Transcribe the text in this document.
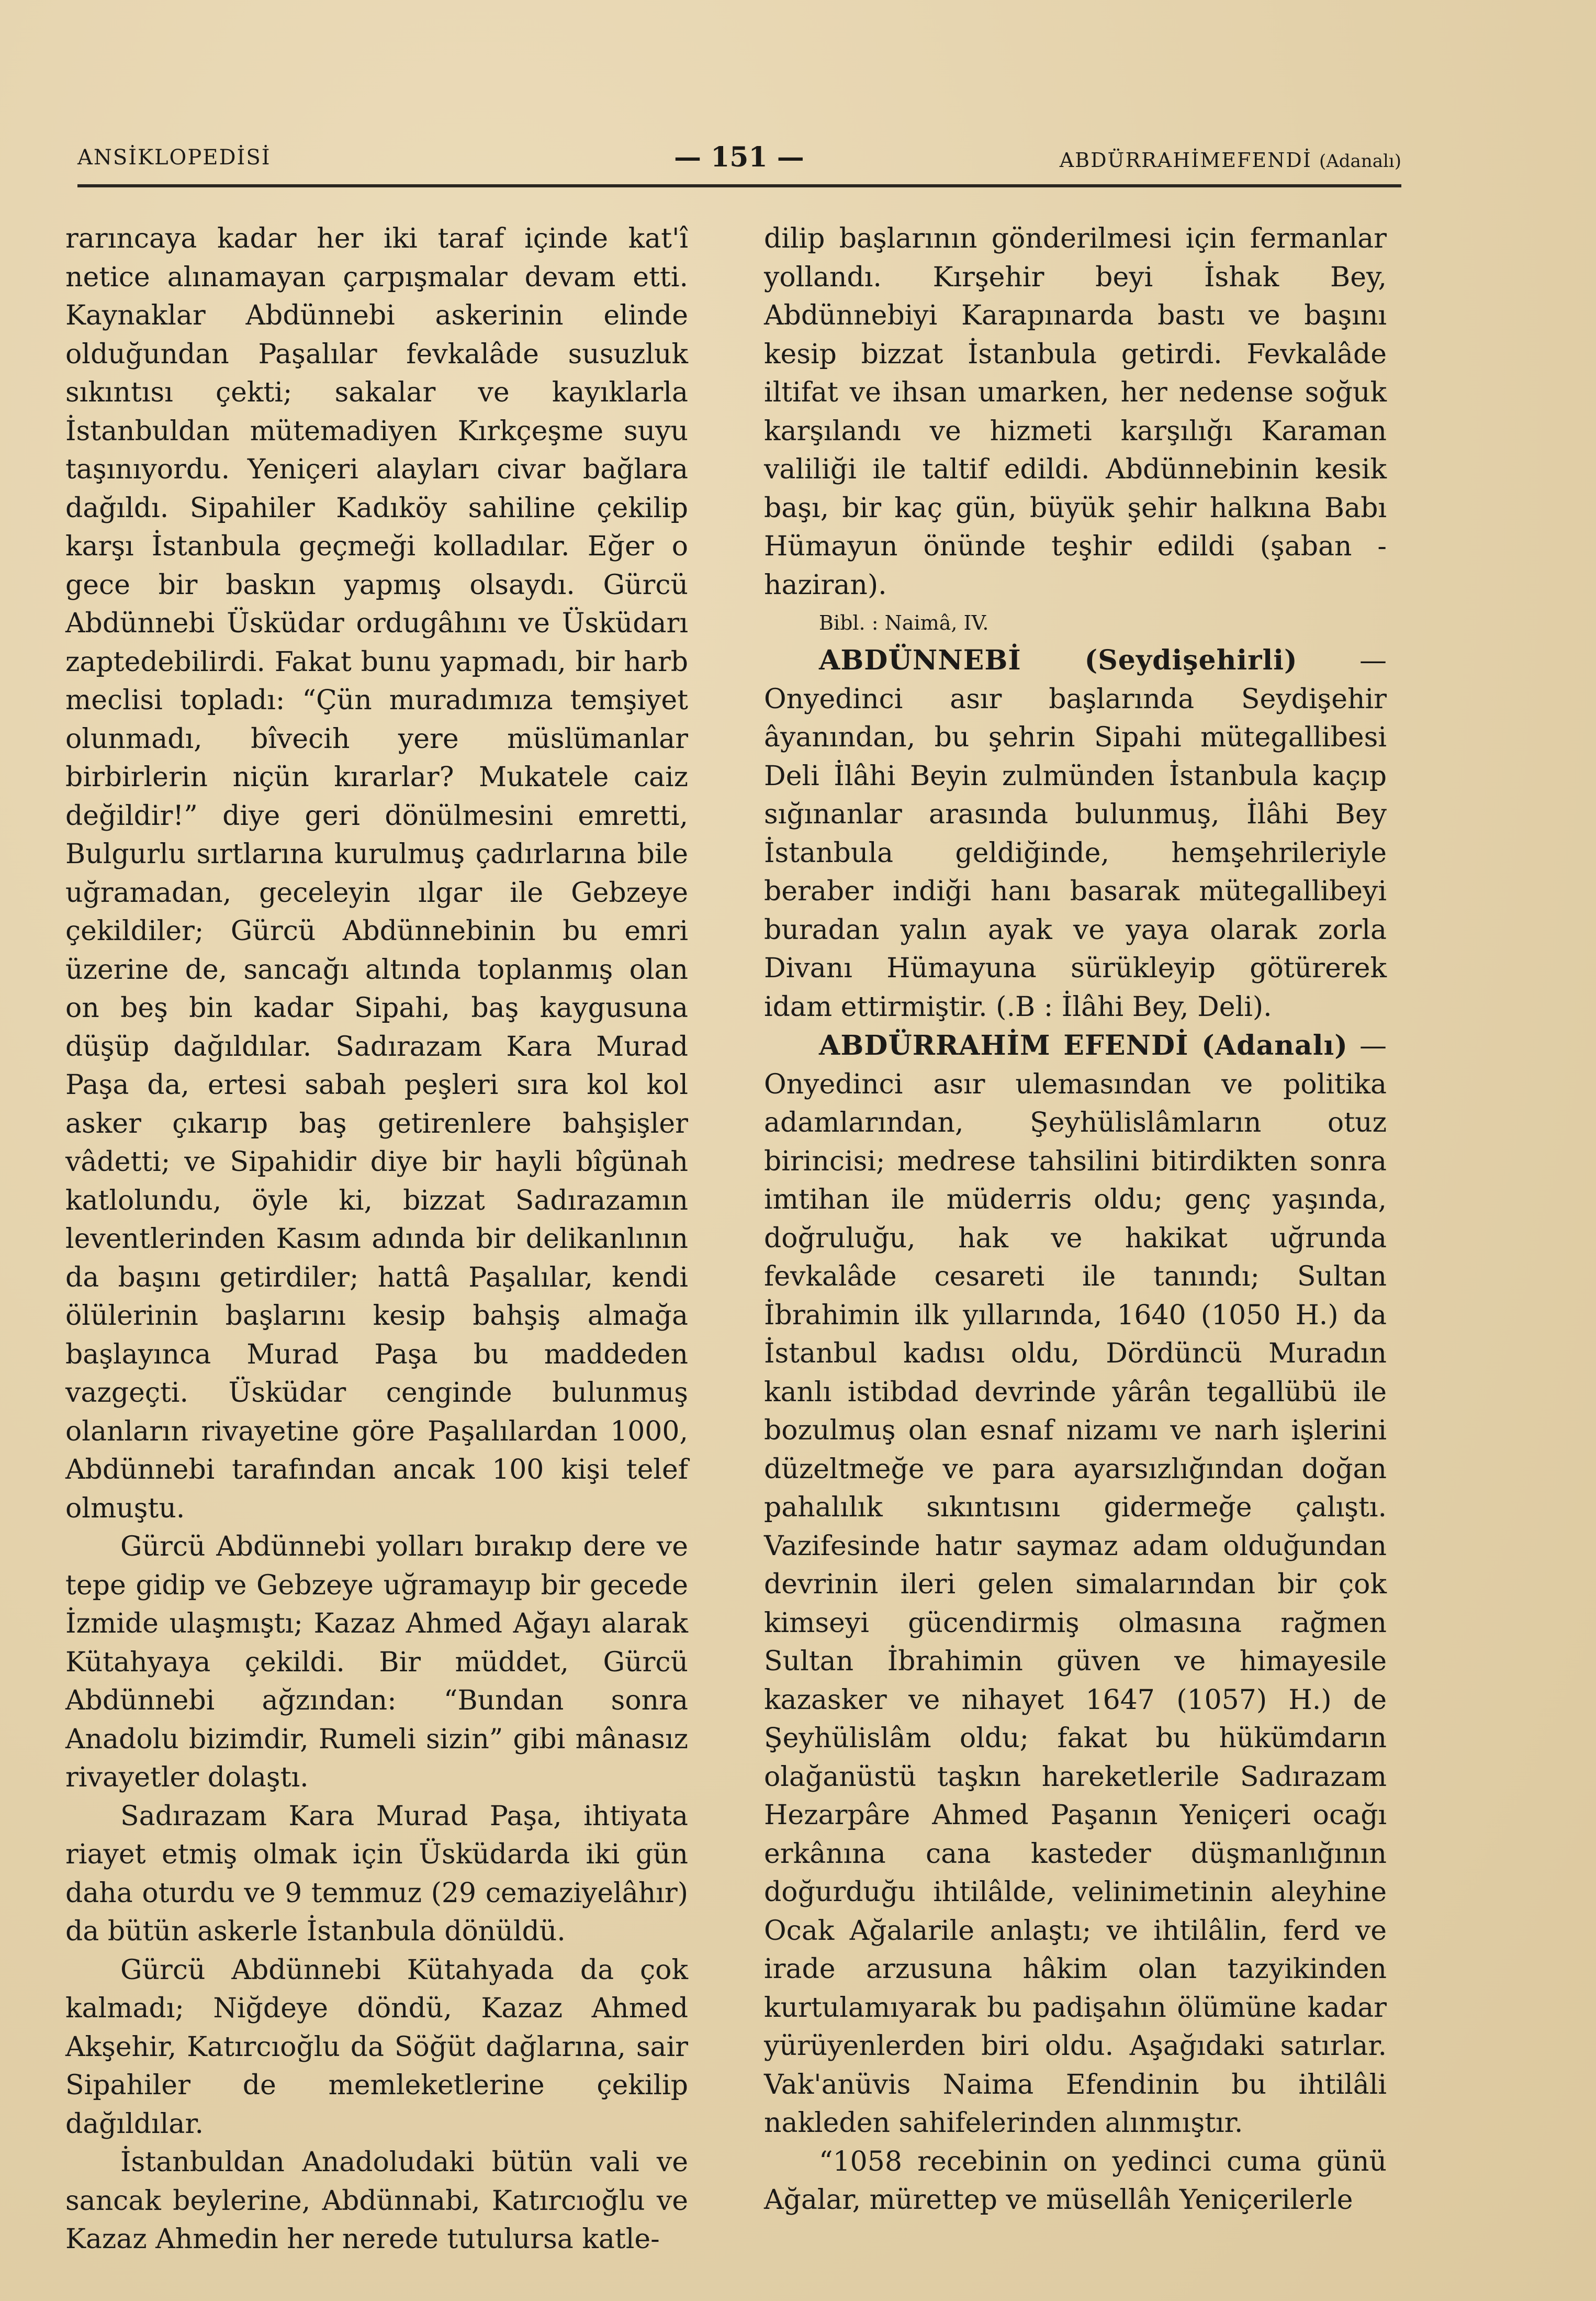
ANSİKLOPEDİSİ	— 151 —	ABDÜRRAHİMEFENDİ (Adanalı)

rarıncaya kadar her iki taraf içinde kat'î netice alınamayan çarpışmalar devam etti. Kaynaklar Abdünnebi askerinin elinde olduğundan Paşalılar fevkalâde susuzluk sıkıntısı çekti; sakalar ve kayıklarla İstanbuldan mütemadiyen Kırkçeşme suyu taşınıyordu. Yeniçeri alayları civar bağlara dağıldı. Sipahiler Kadıköy sahiline çekilip karşı İstanbula geçmeği kolladılar. Eğer o gece bir baskın yapmış olsaydı. Gürcü Abdünnebi Üsküdar ordugâhını ve Üsküdarı zaptedebilirdi. Fakat bunu yapmadı, bir harb meclisi topladı: “Çün muradımıza temşiyet olunmadı, bîvecih yere müslümanlar birbirlerin niçün kırarlar? Mukatele caiz değildir!” diye geri dönülmesini emretti, Bulgurlu sırtlarına kurulmuş çadırlarına bile uğramadan, geceleyin ılgar ile Gebzeye çekildiler; Gürcü Abdünnebinin bu emri üzerine de, sancağı altında toplanmış olan on beş bin kadar Sipahi, baş kaygusuna düşüp dağıldılar. Sadırazam Kara Murad Paşa da, ertesi sabah peşleri sıra kol kol asker çıkarıp baş getirenlere bahşişler vâdetti; ve Sipahidir diye bir hayli bîgünah katlolundu, öyle ki, bizzat Sadırazamın leventlerinden Kasım adında bir delikanlının da başını getirdiler; hattâ Paşalılar, kendi ölülerinin başlarını kesip bahşiş almağa başlayınca Murad Paşa bu maddeden vazgeçti. Üsküdar cenginde bulunmuş olanların rivayetine göre Paşalılardan 1000, Abdünnebi tarafından ancak 100 kişi telef olmuştu.

Gürcü Abdünnebi yolları bırakıp dere ve tepe gidip ve Gebzeye uğramayıp bir gecede İzmide ulaşmıştı; Kazaz Ahmed Ağayı alarak Kütahyaya çekildi. Bir müddet, Gürcü Abdünnebi ağzından: “Bundan sonra Anadolu bizimdir, Rumeli sizin” gibi mânasız rivayetler dolaştı.

Sadırazam Kara Murad Paşa, ihtiyata riayet etmiş olmak için Üsküdarda iki gün daha oturdu ve 9 temmuz (29 cemaziyelâhır) da bütün askerle İstanbula dönüldü.

Gürcü Abdünnebi Kütahyada da çok kalmadı; Niğdeye döndü, Kazaz Ahmed Akşehir, Katırcıoğlu da Söğüt dağlarına, sair Sipahiler de memleketlerine çekilip dağıldılar.

İstanbuldan Anadoludaki bütün vali ve sancak beylerine, Abdünnabi, Katırcıoğlu ve Kazaz Ahmedin her nerede tutulursa katle-

dilip başlarının gönderilmesi için fermanlar yollandı. Kırşehir beyi İshak Bey, Abdünnebiyi Karapınarda bastı ve başını kesip bizzat İstanbula getirdi. Fevkalâde iltifat ve ihsan umarken, her nedense soğuk karşılandı ve hizmeti karşılığı Karaman valiliği ile taltif edildi. Abdünnebinin kesik başı, bir kaç gün, büyük şehir halkına Babı Hümayun önünde teşhir edildi (şaban - haziran).

Bibl. : Naimâ, IV.

ABDÜNNEBİ (Seydişehirli) — Onyedinci asır başlarında Seydişehir âyanından, bu şehrin Sipahi mütegallibesi Deli İlâhi Beyin zulmünden İstanbula kaçıp sığınanlar arasında bulunmuş, İlâhi Bey İstanbula geldiğinde, hemşehrileriyle beraber indiği hanı basarak mütegallibeyi buradan yalın ayak ve yaya olarak zorla Divanı Hümayuna sürükleyip götürerek idam ettirmiştir. (.B : İlâhi Bey, Deli).

ABDÜRRAHİM EFENDİ (Adanalı) — Onyedinci asır ulemasından ve politika adamlarından, Şeyhülislâmların otuz birincisi; medrese tahsilini bitirdikten sonra imtihan ile müderris oldu; genç yaşında, doğruluğu, hak ve hakikat uğrunda fevkalâde cesareti ile tanındı; Sultan İbrahimin ilk yıllarında, 1640 (1050 H.) da İstanbul kadısı oldu, Dördüncü Muradın kanlı istibdad devrinde yârân tegallübü ile bozulmuş olan esnaf nizamı ve narh işlerini düzeltmeğe ve para ayarsızlığından doğan pahalılık sıkıntısını gidermeğe çalıştı. Vazifesinde hatır saymaz adam olduğundan devrinin ileri gelen simalarından bir çok kimseyi gücendirmiş olmasına rağmen Sultan İbrahimin güven ve himayesile kazasker ve nihayet 1647 (1057) H.) de Şeyhülislâm oldu; fakat bu hükümdarın olağanüstü taşkın hareketlerile Sadırazam Hezarpâre Ahmed Paşanın Yeniçeri ocağı erkânına cana kasteder düşmanlığının doğurduğu ihtilâlde, velinimetinin aleyhine Ocak Ağalarile anlaştı; ve ihtilâlin, ferd ve irade arzusuna hâkim olan tazyikinden kurtulamıyarak bu padişahın ölümüne kadar yürüyenlerden biri oldu. Aşağıdaki satırlar. Vak'anüvis Naima Efendinin bu ihtilâli nakleden sahifelerinden alınmıştır.

“1058 recebinin on yedinci cuma günü Ağalar, mürettep ve müsellâh Yeniçerilerle
